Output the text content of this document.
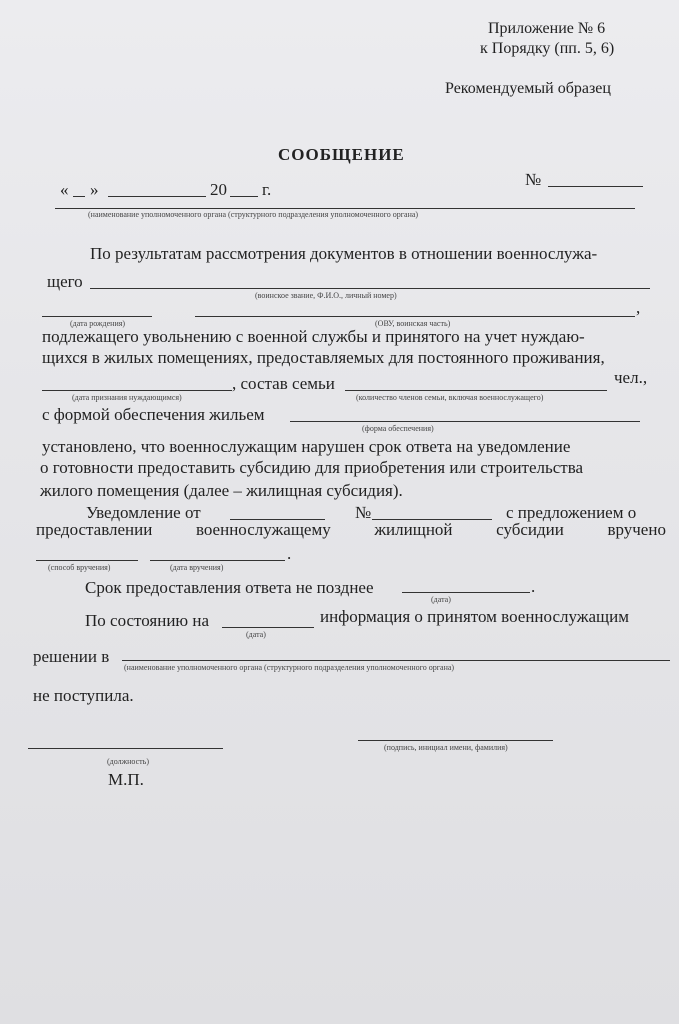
Приложение № 6
к Порядку (пп. 5, 6)
Рекомендуемый образец
СООБЩЕНИЕ
« »	20 г.
№
(наименование уполномоченного органа (структурного подразделения уполномоченного органа)
По результатам рассмотрения документов в отношении военнослужа-
щего
(воинское звание, Ф.И.О., личный номер)
,
(дата рождения)	(ОВУ, воинская часть)
подлежащего увольнению с военной службы и принятого на учет нуждаю-
щихся в жилых помещениях, предоставляемых для постоянного проживания,
, состав семьи	чел.,
(дата признания нуждающимся)	(количество членов семьи, включая военнослужащего)
с формой обеспечения жильем
(форма обеспечения)
установлено, что военнослужащим нарушен срок ответа на уведомление
о готовности предоставить субсидию для приобретения или строительства
жилого помещения (далее – жилищная субсидия).
Уведомление от	№	с предложением о
предоставлении	военнослужащему	жилищной	субсидии	вручено
.
(способ вручения)	(дата вручения)
Срок предоставления ответа не позднее	.
(дата)
По состоянию на	информация о принятом военнослужащим
(дата)
решении в
(наименование уполномоченного органа (структурного подразделения уполномоченного органа)
не поступила.
(подпись, инициал имени, фамилия)
(должность)
М.П.
